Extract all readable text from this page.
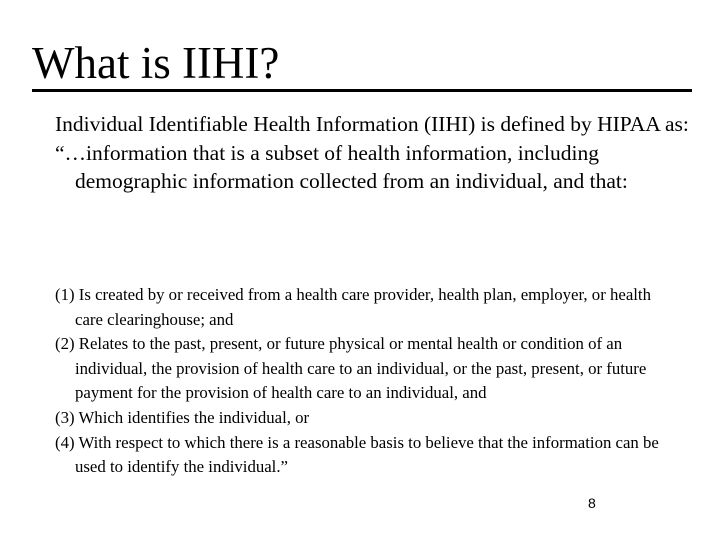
What is IIHI?

Individual Identifiable Health Information (IIHI) is defined by HIPAA as:

“…information that is a subset of health information, including demographic information collected from an individual, and that:

(1) Is created by or received from a health care provider, health plan, employer, or health care clearinghouse; and

(2) Relates to the past, present, or future physical or mental health or condition of an individual, the provision of health care to an individual, or the past, present, or future payment for the provision of health care to an individual, and

(3) Which identifies the individual, or

(4) With respect to which there is a reasonable basis to believe that the information can be used to identify the individual.”

8
